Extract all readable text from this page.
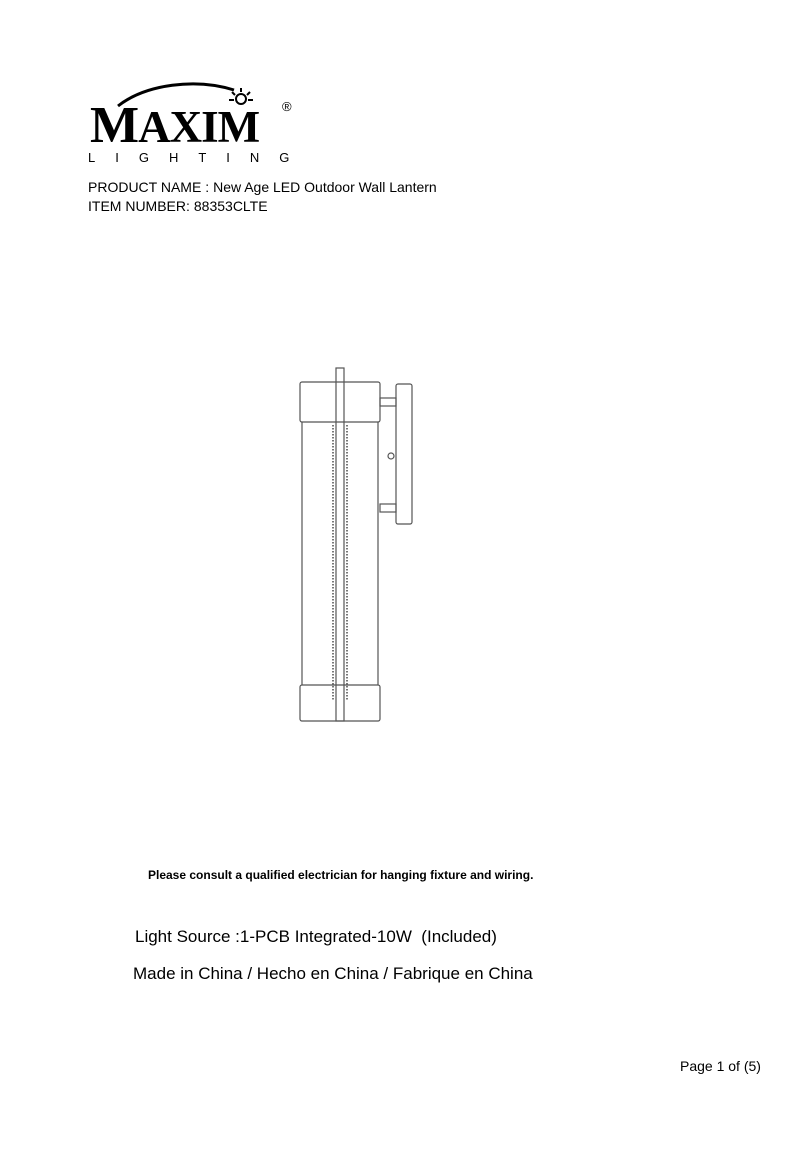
MAXIM ®
LIGHTING
PRODUCT NAME : New Age LED Outdoor Wall Lantern
ITEM NUMBER: 88353CLTE
Please consult a qualified electrician for hanging fixture and wiring.
Light Source :1-PCB Integrated-10W  (Included)
Made in China / Hecho en China / Fabrique en China
Page 1 of (5)
